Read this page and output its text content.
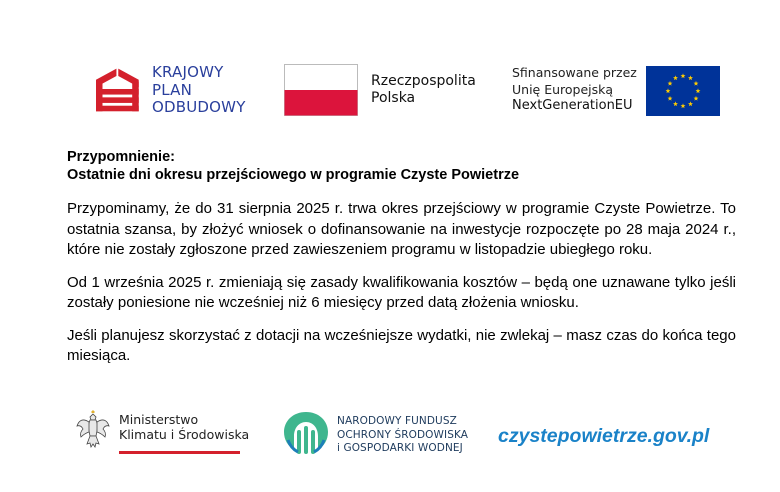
KRAJOWY
PLAN
ODBUDOWY
Rzeczpospolita
Polska
Sfinansowane przez
Unię Europejską
NextGenerationEU
Przypomnienie:
Ostatnie dni okresu przejściowego w programie Czyste Powietrze

Przypominamy, że do 31 sierpnia 2025 r. trwa okres przejściowy w programie Czyste Powietrze. To ostatnia szansa, by złożyć wniosek o dofinansowanie na inwestycje rozpoczęte po 28 maja 2024 r., które nie zostały zgłoszone przed zawieszeniem programu w listopadzie ubiegłego roku.

Od 1 września 2025 r. zmieniają się zasady kwalifikowania kosztów – będą one uznawane tylko jeśli zostały poniesione nie wcześniej niż 6 miesięcy przed datą złożenia wniosku.

Jeśli planujesz skorzystać z dotacji na wcześniejsze wydatki, nie zwlekaj – masz czas do końca tego miesiąca.

Ministerstwo
Klimatu i Środowiska
NARODOWY FUNDUSZ
OCHRONY ŚRODOWISKA
i GOSPODARKI WODNEJ
czystepowietrze.gov.pl
